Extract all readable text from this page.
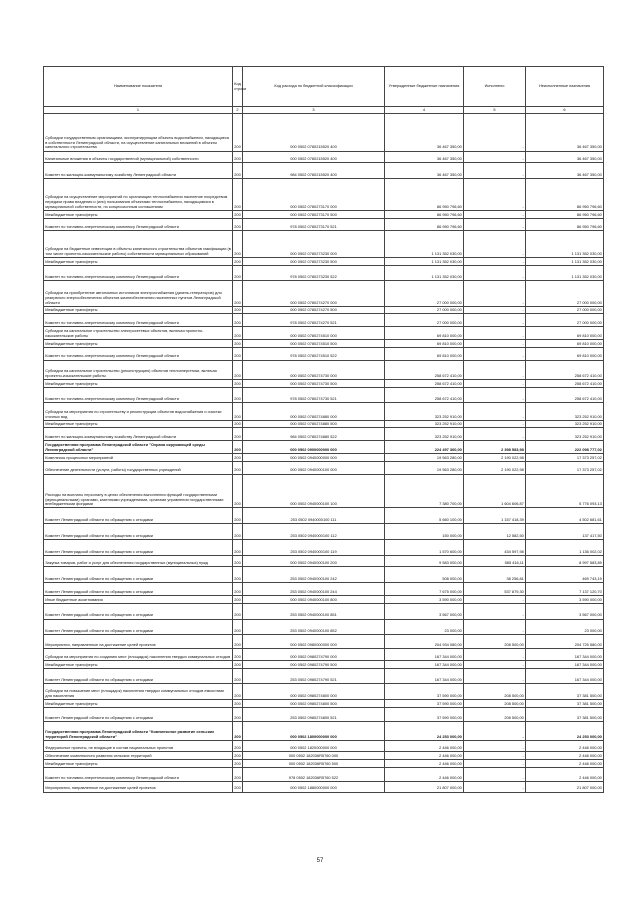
Наименование показателя	Код строки	Код расхода по бюджетной классификации	Утвержденные бюджетные назначения	Исполнено	Неисполненные назначения
1	2	3	4	5	6
Субсидии государственным организациям, эксплуатирующим объекты водоснабжения, находящиеся в собственности Ленинградской области, на осуществление капитальных вложений в объекты капитального строительства	200	000 0502 0780215520 400	36 467 350,00	-	36 467 350,00
Капитальные вложения в объекты государственной (муниципальной) собственности	200	000 0502 0780215520 400	36 467 350,00	-	36 467 350,00
Комитет по жилищно-коммунальному хозяйству Ленинградской области	200	984 0502 0780215520 400	36 467 350,00	-	36 467 350,00
Субсидии на осуществление мероприятий по организации теплоснабжения население посредством передачи права владения и (или) пользования объектами теплоснабжения, находящимися в муниципальной собственности, по концессионным соглашениям	200	000 0502 0780273170 000	86 950 796,60	-	86 950 796,60
Межбюджетные трансферты	200	000 0502 0780273170 500	86 950 796,60	-	86 950 796,60
Комитет по топливно-энергетическому комплексу Ленинградской области	200	978 0502 0780273170 521	86 950 796,60	-	86 950 796,60
Субсидии на бюджетные инвестиции в объекты капитального строительства объектов газификации (в том числе проектно-изыскательские работы) собственности муниципальных образований	200	000 0502 0780273230 000	1 131 352 030,00	-	1 131 352 030,00
Межбюджетные трансферты	200	000 0502 0780273230 500	1 131 352 030,00	-	1 131 352 030,00
Комитет по топливно-энергетическому комплексу Ленинградской области	200	978 0502 0780273230 522	1 131 352 030,00	-	1 131 352 030,00
Субсидии на приобретение автономных источников электроснабжения (дизель-генераторов) для резервного энергообеспечения объектов жизнеобеспечения населенных пунктов Ленинградской области	200	000 0502 0780274270 000	27 000 000,00	-	27 000 000,00
Межбюджетные трансферты	200	000 0502 0780274270 500	27 000 000,00	-	27 000 000,00
Комитет по топливно-энергетическому комплексу Ленинградской области	200	978 0502 0780274270 521	27 000 000,00	-	27 000 000,00
Субсидии на капитальное строительство электросетевых объектов, включая проектно-изыскательские работы	200	000 0502 0780274510 000	69 810 000,00	-	69 810 000,00
Межбюджетные трансферты	200	000 0502 0780274510 500	69 810 000,00	-	69 810 000,00
Комитет по топливно-энергетическому комплексу Ленинградской области	200	978 0502 0780274510 522	69 810 000,00	-	69 810 000,00
Субсидии на капитальное строительство (реконструкцию) объектов теплоэнергетики, включая проектно-изыскательские работы	200	000 0502 0780274730 000	258 672 410,00	-	258 672 410,00
Межбюджетные трансферты	200	000 0502 0780274730 500	258 672 410,00	-	258 672 410,00
Комитет по топливно-энергетическому комплексу Ленинградской области	200	978 0502 0780274730 521	258 672 410,00	-	258 672 410,00
Субсидии на мероприятия по строительству и реконструкции объектов водоснабжения и очистки сточных вод	200	000 0502 0780274880 000	323 252 910,00	-	323 252 910,00
Межбюджетные трансферты	200	000 0502 0780274880 500	323 252 910,00	-	323 252 910,00
Комитет по жилищно-коммунальному хозяйству Ленинградской области	200	984 0502 0780274880 522	323 252 910,00	-	323 252 910,00
Государственная программа Ленинградской области "Охрана окружающей среды Ленинградской области"	200	000 0502 0900000000 000	224 497 360,00	2 398 583,98	222 098 777,02
Комплексы процессных мероприятий	200	000 0502 0940000000 000	19 563 280,00	2 190 022,98	17 373 257,02
Обеспечение деятельности (услуги, работы) государственных учреждений	200	000 0502 0940000100 000	19 563 280,00	2 190 022,98	17 373 257,02
Расходы на выплаты персоналу в целях обеспечения выполнения функций государственными (муниципальными) органами, казенными учреждениями, органами управления государственными внебюджетными фондами	200	000 0502 0940000100 100	7 380 700,00	1 604 606,87	5 776 093,13
Комитет Ленинградской области по обращению с отходами	200	253 0502 0940000100 111	5 660 100,00	1 157 418,39	4 502 681,61
Комитет Ленинградской области по обращению с отходами	200	253 0502 0940000100 112	150 000,00	12 582,50	137 417,50
Комитет Ленинградской области по обращению с отходами	200	253 0502 0940000100 119	1 570 600,00	434 597,98	1 136 002,02
Закупка товаров, работ и услуг для обеспечения государственных (муниципальных) нужд	200	000 0502 0940000100 200	9 583 000,00	585 416,11	8 997 583,89
Комитет Ленинградской области по обращению с отходами	200	253 0502 0940000100 242	508 000,00	38 256,81	469 743,19
Комитет Ленинградской области по обращению с отходами	200	253 0502 0940000100 244	7 675 000,00	537 879,30	7 137 120,70
Иные бюджетные ассигнования	200	000 0502 0940000100 800	3 590 000,00	-	3 590 000,00
Комитет Ленинградской области по обращению с отходами	200	253 0502 0940000100 851	3 567 000,00	-	3 567 000,00
Комитет Ленинградской области по обращению с отходами	200	253 0502 0940000100 852	23 000,00	-	23 000,00
Мероприятия, направленные на достижение целей проектов	200	000 0502 0980000000 000	204 934 080,00	208 500,00	204 725 580,00
Субсидии на мероприятия по созданию мест (площадок) накопления твердых коммунальных отходов	200	000 0502 0980274790 000	167 344 000,00	-	167 344 000,00
Межбюджетные трансферты	200	000 0502 0980274790 500	167 344 000,00	-	167 344 000,00
Комитет Ленинградской области по обращению с отходами	200	253 0502 0980274790 521	167 344 000,00	-	167 344 000,00
Субсидии на повышение мест (площадок) накопления твердых коммунальных отходов емкостями для накопления	200	000 0502 0980274800 000	37 590 000,00	208 500,00	37 381 500,00
Межбюджетные трансферты	200	000 0502 0980274800 500	37 590 000,00	208 500,00	37 381 500,00
Комитет Ленинградской области по обращению с отходами	200	253 0502 0980274800 521	37 590 000,00	208 500,00	37 381 500,00
Государственная программа Ленинградской области "Комплексное развитие сельских территорий Ленинградской области"	200	000 0502 1800000000 000	24 253 000,00	-	24 253 000,00
Федеральные проекты, не входящие в состав национальных проектов	200	000 0502 1820000000 000	2 446 000,00	-	2 446 000,00
Обеспечение комплексного развития сельских территорий	200	000 0502 182036R5760 000	2 446 000,00	-	2 446 000,00
Межбюджетные трансферты	200	000 0502 182036R5760 500	2 446 000,00	-	2 446 000,00
Комитет по топливно-энергетическому комплексу Ленинградской области	200	978 0502 182036R5760 522	2 446 000,00	-	2 446 000,00
Мероприятия, направленные на достижение целей проектов	200	000 0502 1880000000 000	21 807 000,00	-	21 807 000,00
57
